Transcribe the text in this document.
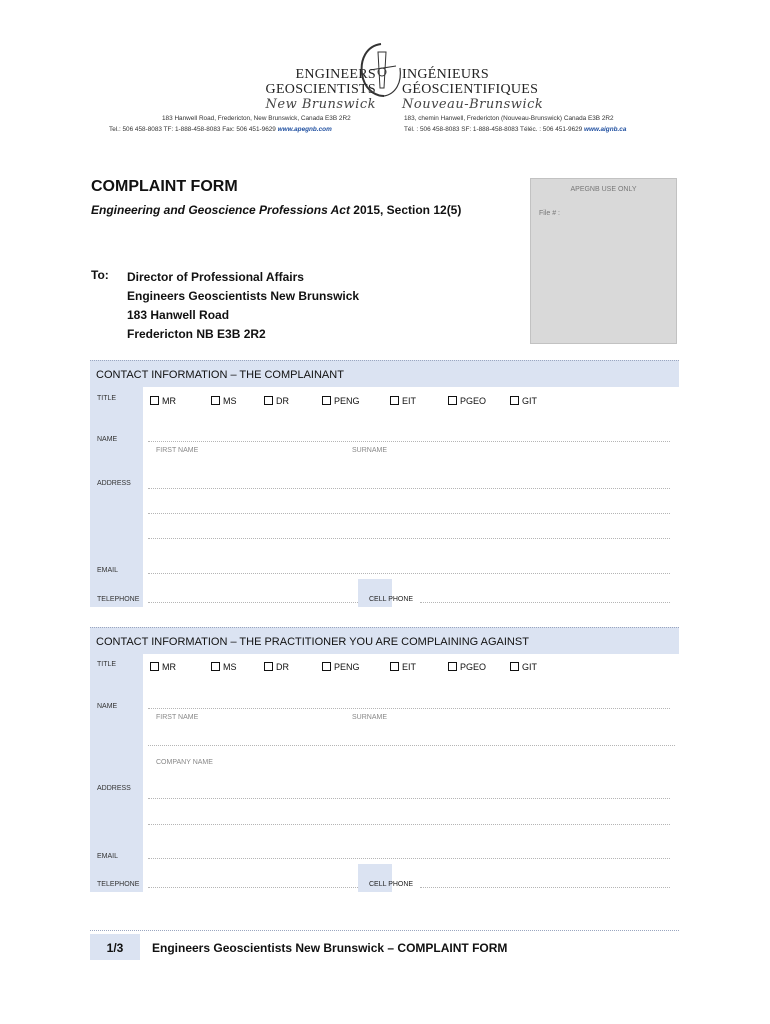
ENGINEERS
GEOSCIENTISTS
New Brunswick
INGÉNIEURS
GÉOSCIENTIFIQUES
Nouveau-Brunswick
183 Hanwell Road, Fredericton, New Brunswick, Canada E3B 2R2
Tel.: 506 458-8083 TF: 1-888-458-8083 Fax: 506 451-9629 www.apegnb.com
183, chemin Hanwell, Fredericton (Nouveau-Brunswick) Canada E3B 2R2
Tél. : 506 458-8083 SF: 1-888-458-8083 Téléc. : 506 451-9629 www.aignb.ca
COMPLAINT FORM
Engineering and Geoscience Professions Act 2015, Section 12(5)
To: Director of Professional Affairs
Engineers Geoscientists New Brunswick
183 Hanwell Road
Fredericton NB E3B 2R2
APEGNB USE ONLY
File # :
CONTACT INFORMATION – THE COMPLAINANT
TITLE	MR	MS	DR	PENG	EIT	PGEO	GIT
NAME
FIRST NAME	SURNAME
ADDRESS
EMAIL
TELEPHONE	CELL PHONE
CONTACT INFORMATION – THE PRACTITIONER YOU ARE COMPLAINING AGAINST
TITLE	MR	MS	DR	PENG	EIT	PGEO	GIT
NAME
FIRST NAME	SURNAME
COMPANY NAME
ADDRESS
EMAIL
TELEPHONE	CELL PHONE
1/3	Engineers Geoscientists New Brunswick – COMPLAINT FORM
